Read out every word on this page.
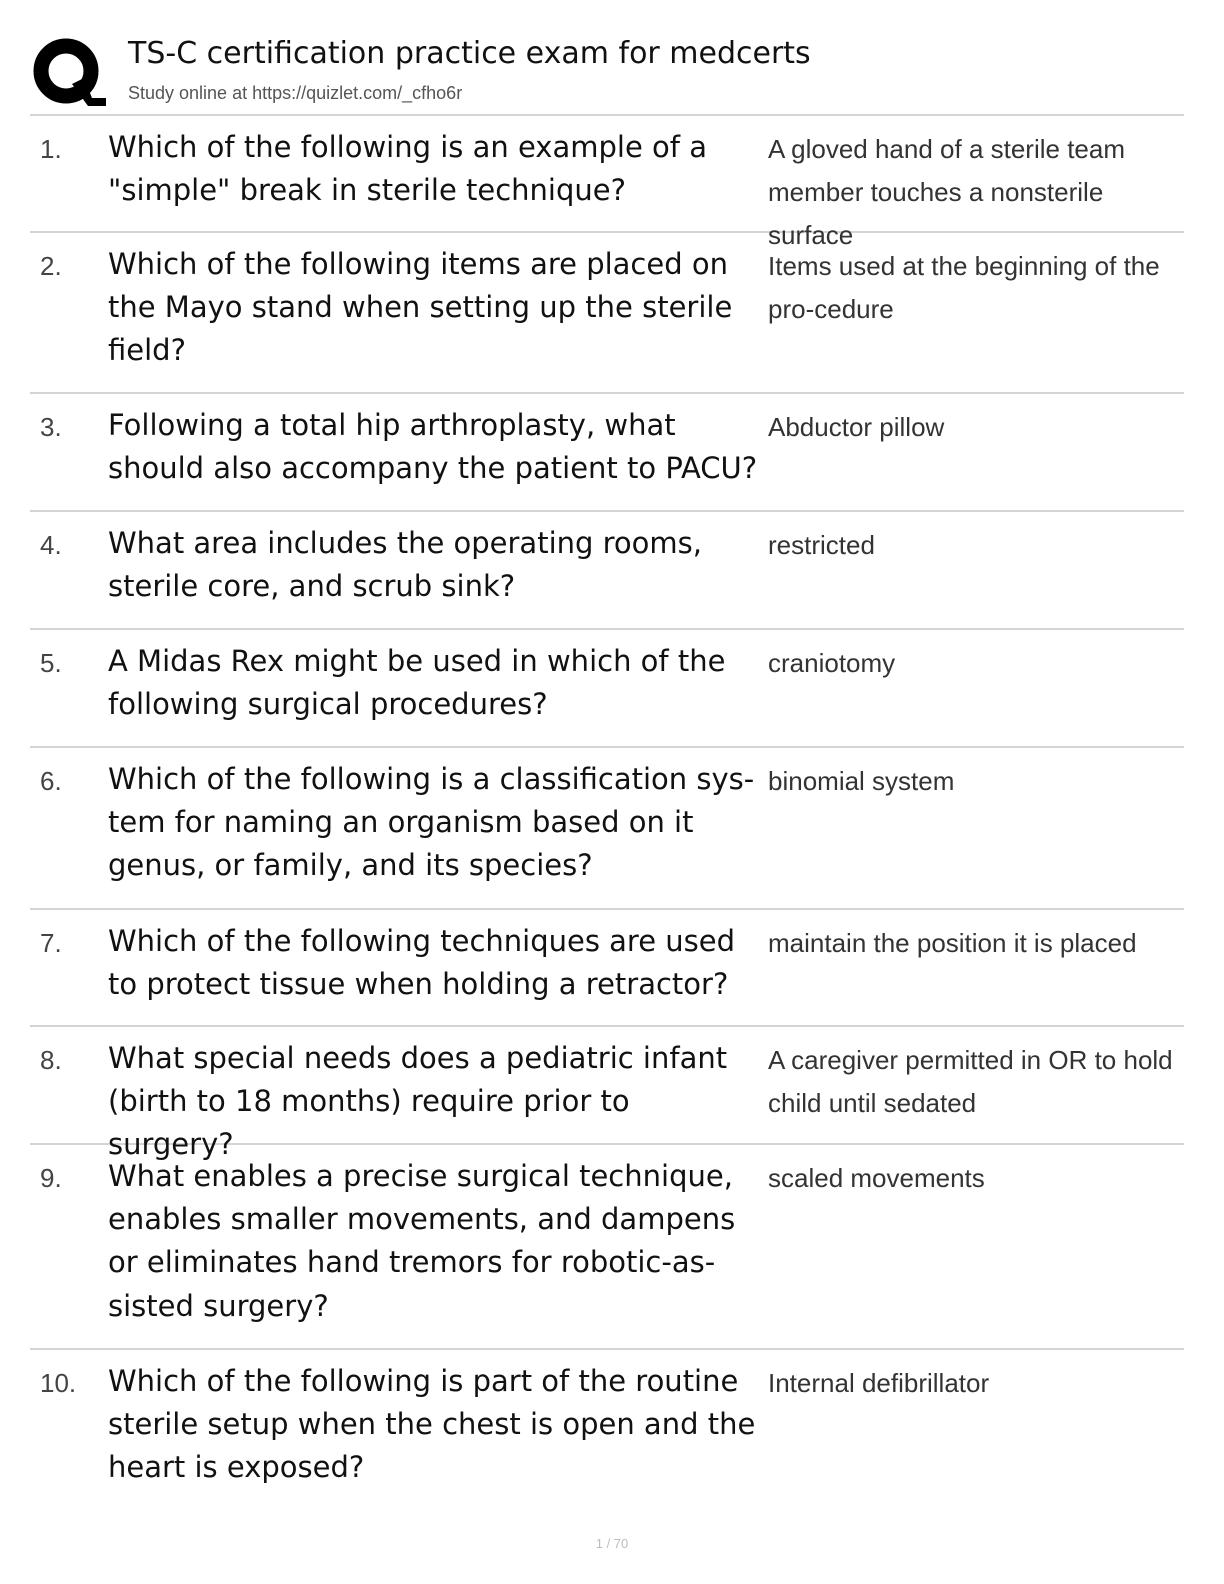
TS-C certification practice exam for medcerts
Study online at https://quizlet.com/_cfho6r
1. Which of the following is an example of a "simple" break in sterile technique?
A gloved hand of a sterile team member touches a nonsterile surface
2. Which of the following items are placed on the Mayo stand when setting up the sterile field?
Items used at the beginning of the pro-cedure
3. Following a total hip arthroplasty, what should also accompany the patient to PACU?
Abductor pillow
4. What area includes the operating rooms, sterile core, and scrub sink?
restricted
5. A Midas Rex might be used in which of the following surgical procedures?
craniotomy
6. Which of the following is a classification sys-tem for naming an organism based on it genus, or family, and its species?
binomial system
7. Which of the following techniques are used to protect tissue when holding a retractor?
maintain the position it is placed
8. What special needs does a pediatric infant (birth to 18 months) require prior to surgery?
A caregiver permitted in OR to hold child until sedated
9. What enables a precise surgical technique, enables smaller movements, and dampens or eliminates hand tremors for robotic-as-sisted surgery?
scaled movements
10. Which of the following is part of the routine sterile setup when the chest is open and the heart is exposed?
Internal defibrillator
1 / 70
